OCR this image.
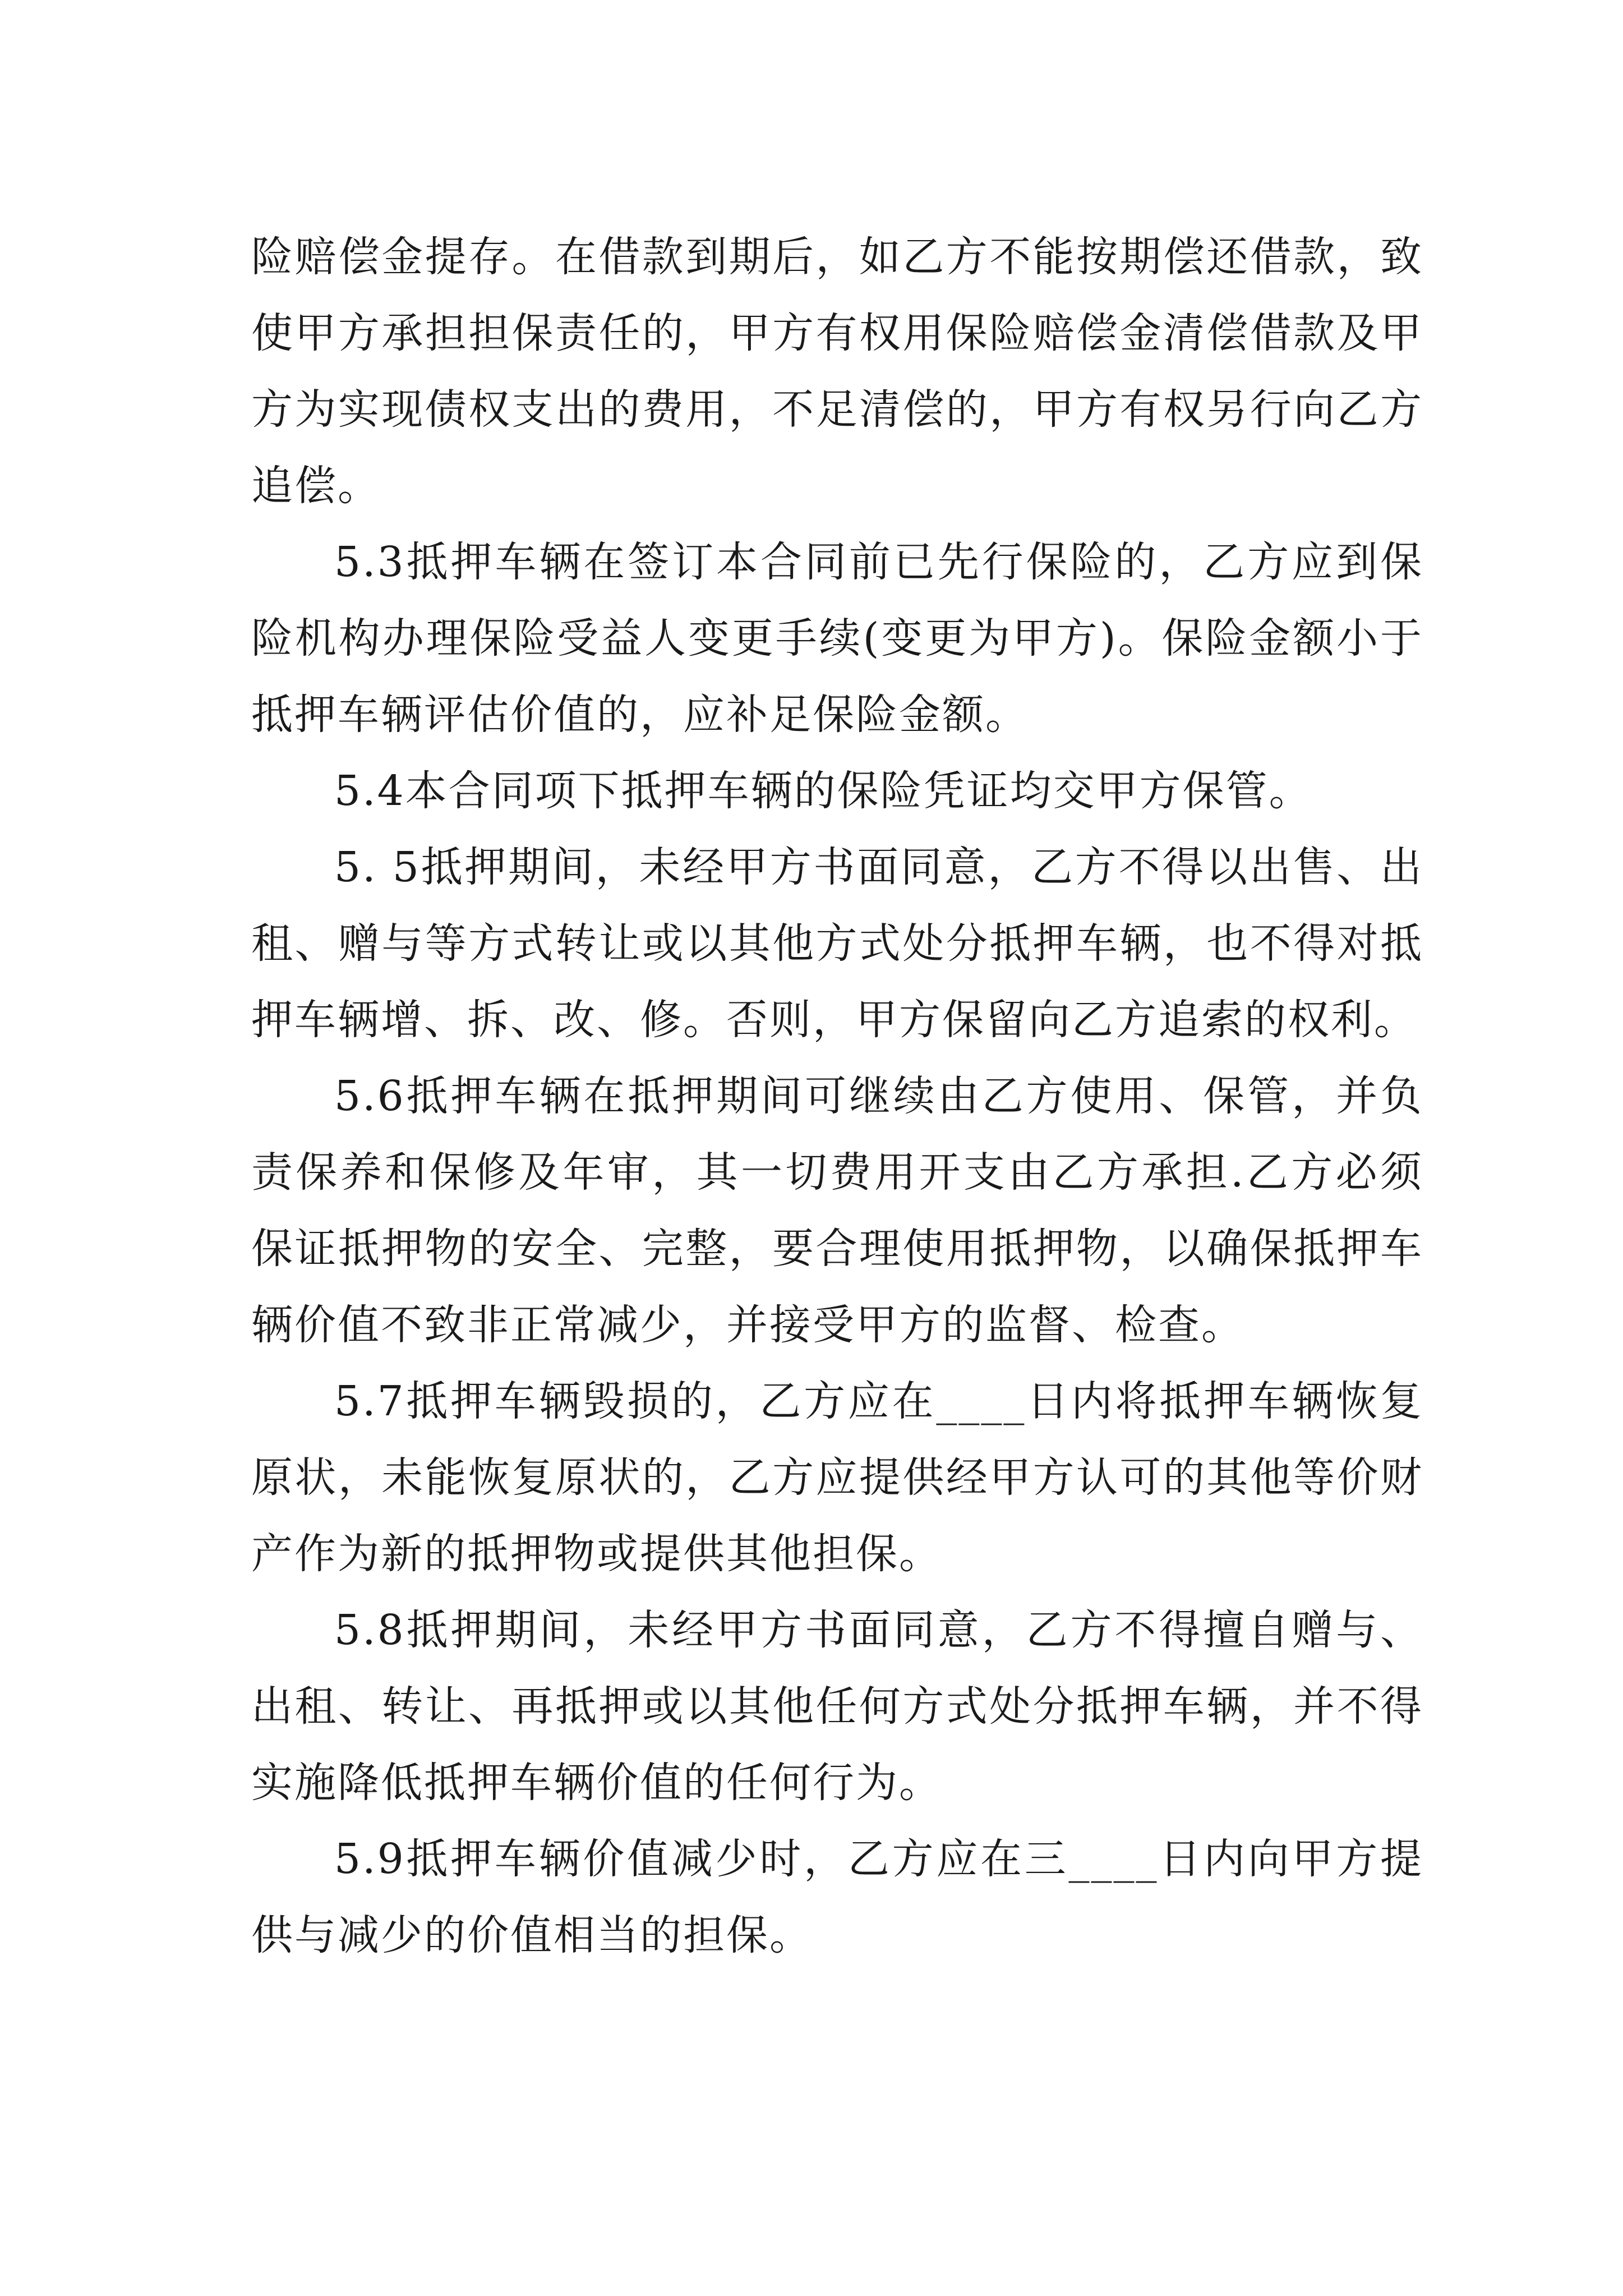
险赔偿金提存。在借款到期后，如乙方不能按期偿还借款，致使甲方承担担保责任的，甲方有权用保险赔偿金清偿借款及甲方为实现债权支出的费用，不足清偿的，甲方有权另行向乙方追偿。

5.3抵押车辆在签订本合同前已先行保险的，乙方应到保险机构办理保险受益人变更手续(变更为甲方)。保险金额小于抵押车辆评估价值的，应补足保险金额。

5.4本合同项下抵押车辆的保险凭证均交甲方保管。

5. 5抵押期间，未经甲方书面同意，乙方不得以出售、出租、赠与等方式转让或以其他方式处分抵押车辆，也不得对抵押车辆增、拆、改、修。否则，甲方保留向乙方追索的权利。

5.6抵押车辆在抵押期间可继续由乙方使用、保管，并负责保养和保修及年审，其一切费用开支由乙方承担.乙方必须保证抵押物的安全、完整，要合理使用抵押物，以确保抵押车辆价值不致非正常减少，并接受甲方的监督、检查。

5.7抵押车辆毁损的，乙方应在____日内将抵押车辆恢复原状，未能恢复原状的，乙方应提供经甲方认可的其他等价财产作为新的抵押物或提供其他担保。

5.8抵押期间，未经甲方书面同意，乙方不得擅自赠与、出租、转让、再抵押或以其他任何方式处分抵押车辆，并不得实施降低抵押车辆价值的任何行为。

5.9抵押车辆价值减少时，乙方应在三____日内向甲方提供与减少的价值相当的担保。
